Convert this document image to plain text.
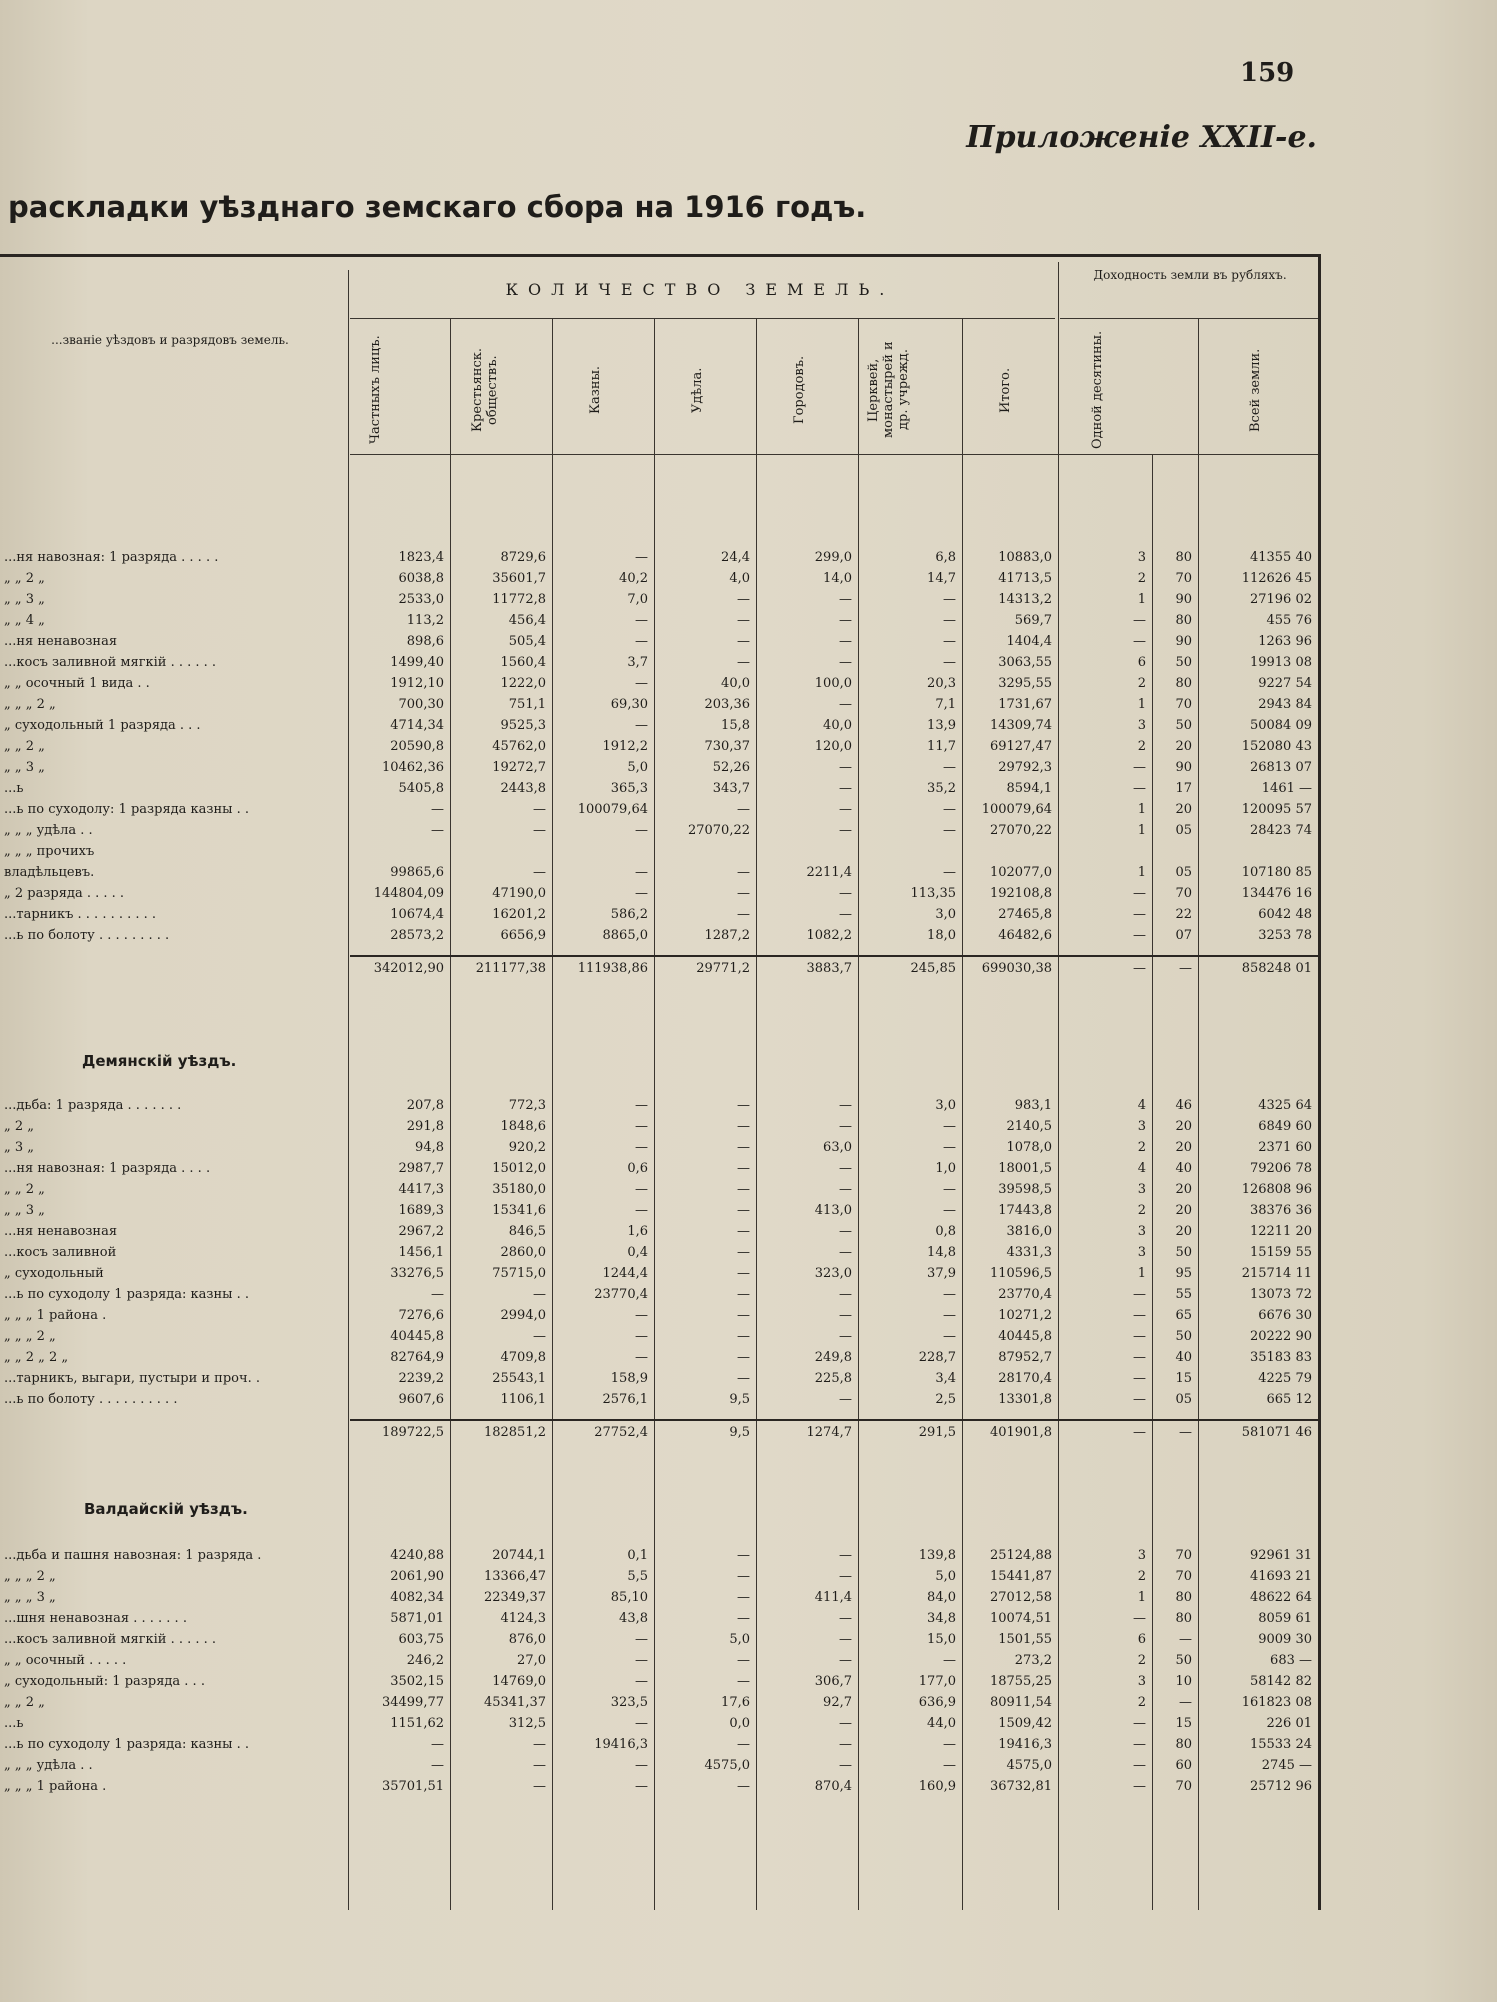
159
Приложенiе XXII-е.
раскладки уѣзднаго земскаго сбора на 1916 годъ.
...званіе уѣздовъ и разрядовъ земель.
КОЛИЧЕСТВО ЗЕМЕЛЬ.
Доходность земли въ рубляхъ.
Частныхъ лицъ.	Крестьянск. обществъ.	Казны.	Удѣла.	Городовъ.	Церквей, монастырей и др. учрежд.	Итого.	Одной десятины.	Всей земли.
...ня навозная: 1 разряда . . . . .	1823,4	8729,6	—	24,4	299,0	6,8	10883,0	3	80	41355 40
„ „ 2 „	6038,8	35601,7	40,2	4,0	14,0	14,7	41713,5	2	70	112626 45
„ „ 3 „	2533,0	11772,8	7,0	—	—	—	14313,2	1	90	27196 02
„ „ 4 „	113,2	456,4	—	—	—	—	569,7	—	80	455 76
...ня ненавозная	898,6	505,4	—	—	—	—	1404,4	—	90	1263 96
...косъ заливной мягкій . . . . . .	1499,40	1560,4	3,7	—	—	—	3063,55	6	50	19913 08
„ „ осочный 1 вида . .	1912,10	1222,0	—	40,0	100,0	20,3	3295,55	2	80	9227 54
„ „ „ 2 „	700,30	751,1	69,30	203,36	—	7,1	1731,67	1	70	2943 84
„ суходольный 1 разряда . . .	4714,34	9525,3	—	15,8	40,0	13,9	14309,74	3	50	50084 09
„ „ 2 „	20590,8	45762,0	1912,2	730,37	120,0	11,7	69127,47	2	20	152080 43
„ „ 3 „	10462,36	19272,7	5,0	52,26	—	—	29792,3	—	90	26813 07
...ь	5405,8	2443,8	365,3	343,7	—	35,2	8594,1	—	17	1461 —
...ь по суходолу: 1 разряда казны . .	—	—	100079,64	—	—	—	100079,64	1	20	120095 57
„ „ „ удѣла . .	—	—	—	27070,22	—	—	27070,22	1	05	28423 74
„ „ „ прочихъ
владѣльцевъ.	99865,6	—	—	—	2211,4	—	102077,0	1	05	107180 85
„ 2 разряда . . . . .	144804,09	47190,0	—	—	—	113,35	192108,8	—	70	134476 16
...тарникъ . . . . . . . . . .	10674,4	16201,2	586,2	—	—	3,0	27465,8	—	22	6042 48
...ь по болоту . . . . . . . . .	28573,2	6656,9	8865,0	1287,2	1082,2	18,0	46482,6	—	07	3253 78
342012,90	211177,38	111938,86	29771,2	3883,7	245,85	699030,38	—	—	858248 01
Демянскій уѣздъ.
...дьба: 1 разряда . . . . . . .	207,8	772,3	—	—	—	3,0	983,1	4	46	4325 64
„ 2 „	291,8	1848,6	—	—	—	—	2140,5	3	20	6849 60
„ 3 „	94,8	920,2	—	—	63,0	—	1078,0	2	20	2371 60
...ня навозная: 1 разряда . . . .	2987,7	15012,0	0,6	—	—	1,0	18001,5	4	40	79206 78
„ „ 2 „	4417,3	35180,0	—	—	—	—	39598,5	3	20	126808 96
„ „ 3 „	1689,3	15341,6	—	—	413,0	—	17443,8	2	20	38376 36
...ня ненавозная	2967,2	846,5	1,6	—	—	0,8	3816,0	3	20	12211 20
...косъ заливной	1456,1	2860,0	0,4	—	—	14,8	4331,3	3	50	15159 55
„ суходольный	33276,5	75715,0	1244,4	—	323,0	37,9	110596,5	1	95	215714 11
...ь по суходолу 1 разряда: казны . .	—	—	23770,4	—	—	—	23770,4	—	55	13073 72
„ „ „ 1 района .	7276,6	2994,0	—	—	—	—	10271,2	—	65	6676 30
„ „ „ 2 „	40445,8	—	—	—	—	—	40445,8	—	50	20222 90
„ „ 2 „ 2 „	82764,9	4709,8	—	—	249,8	228,7	87952,7	—	40	35183 83
...тарникъ, выгари, пустыри и проч. .	2239,2	25543,1	158,9	—	225,8	3,4	28170,4	—	15	4225 79
...ь по болоту . . . . . . . . . .	9607,6	1106,1	2576,1	9,5	—	2,5	13301,8	—	05	665 12
189722,5	182851,2	27752,4	9,5	1274,7	291,5	401901,8	—	—	581071 46
Валдайскій уѣздъ.
...дьба и пашня навозная: 1 разряда .	4240,88	20744,1	0,1	—	—	139,8	25124,88	3	70	92961 31
„ „ „ 2 „	2061,90	13366,47	5,5	—	—	5,0	15441,87	2	70	41693 21
„ „ „ 3 „	4082,34	22349,37	85,10	—	411,4	84,0	27012,58	1	80	48622 64
...шня ненавозная . . . . . . .	5871,01	4124,3	43,8	—	—	34,8	10074,51	—	80	8059 61
...косъ заливной мягкій . . . . . .	603,75	876,0	—	5,0	—	15,0	1501,55	6	—	9009 30
„ „ осочный . . . . .	246,2	27,0	—	—	—	—	273,2	2	50	683 —
„ суходольный: 1 разряда . . .	3502,15	14769,0	—	—	306,7	177,0	18755,25	3	10	58142 82
„ „ 2 „	34499,77	45341,37	323,5	17,6	92,7	636,9	80911,54	2	—	161823 08
...ь	1151,62	312,5	—	0,0	—	44,0	1509,42	—	15	226 01
...ь по суходолу 1 разряда: казны . .	—	—	19416,3	—	—	—	19416,3	—	80	15533 24
„ „ „ удѣла . .	—	—	—	4575,0	—	—	4575,0	—	60	2745 —
„ „ „ 1 района .	35701,51	—	—	—	870,4	160,9	36732,81	—	70	25712 96
